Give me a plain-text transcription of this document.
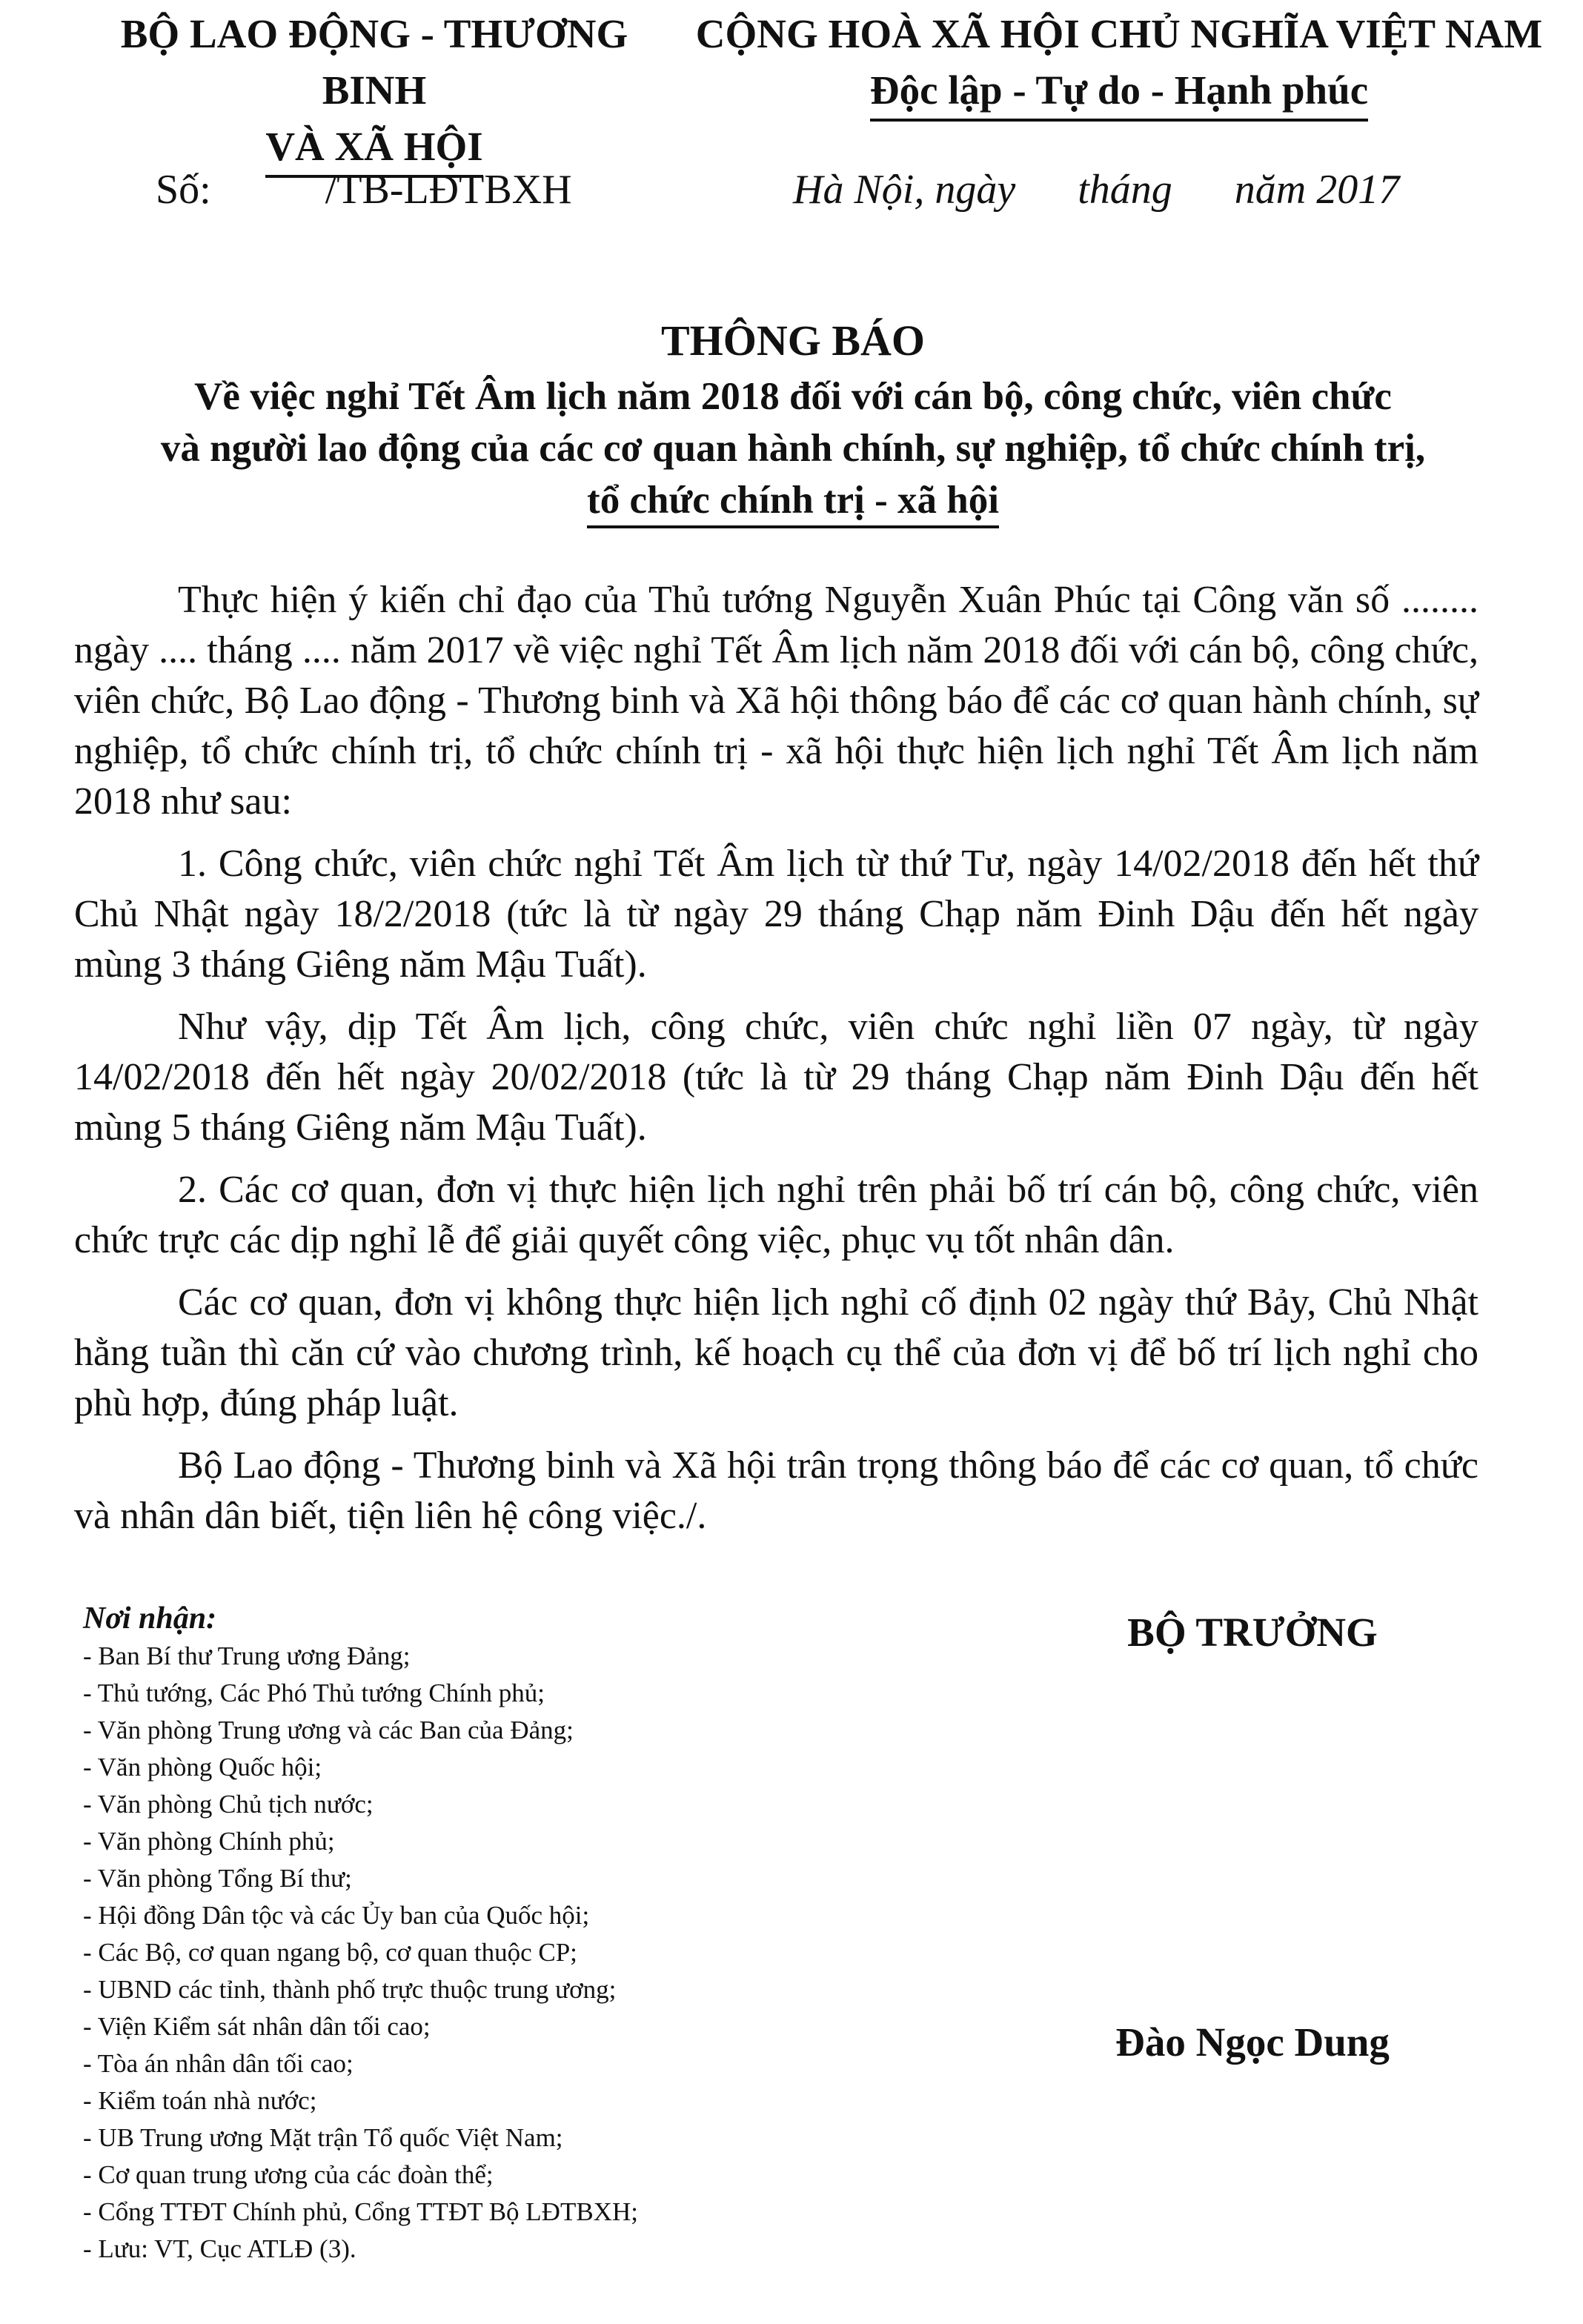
BỘ LAO ĐỘNG - THƯƠNG BINH
VÀ XÃ HỘI
CỘNG HOÀ XÃ HỘI CHỦ NGHĨA VIỆT NAM
Độc lập - Tự do - Hạnh phúc
Số:           /TB-LĐTBXH	Hà Nội, ngày      tháng      năm 2017
THÔNG BÁO
Về việc nghỉ Tết Âm lịch năm 2018 đối với cán bộ, công chức, viên chức
và người lao động của các cơ quan hành chính, sự nghiệp, tổ chức chính trị,
tổ chức chính trị - xã hội

Thực hiện ý kiến chỉ đạo của Thủ tướng Nguyễn Xuân Phúc tại Công văn số ........ ngày .... tháng .... năm 2017 về việc nghỉ Tết Âm lịch năm 2018 đối với cán bộ, công chức, viên chức, Bộ Lao động - Thương binh và Xã hội thông báo để các cơ quan hành chính, sự nghiệp, tổ chức chính trị, tổ chức chính trị - xã hội thực hiện lịch nghỉ Tết Âm lịch năm 2018 như sau:

1. Công chức, viên chức nghỉ Tết Âm lịch từ thứ Tư, ngày 14/02/2018 đến hết thứ Chủ Nhật ngày 18/2/2018 (tức là từ ngày 29 tháng Chạp năm Đinh Dậu đến hết ngày mùng 3 tháng Giêng năm Mậu Tuất).

Như vậy, dịp Tết Âm lịch, công chức, viên chức nghỉ liền 07 ngày, từ ngày 14/02/2018 đến hết ngày 20/02/2018 (tức là từ 29 tháng Chạp năm Đinh Dậu đến hết mùng 5 tháng Giêng năm Mậu Tuất).

2. Các cơ quan, đơn vị thực hiện lịch nghỉ trên phải bố trí cán bộ, công chức, viên chức trực các dịp nghỉ lễ để giải quyết công việc, phục vụ tốt nhân dân.

Các cơ quan, đơn vị không thực hiện lịch nghỉ cố định 02 ngày thứ Bảy, Chủ Nhật hằng tuần thì căn cứ vào chương trình, kế hoạch cụ thể của đơn vị để bố trí lịch nghỉ cho phù hợp, đúng pháp luật.

Bộ Lao động - Thương binh và Xã hội trân trọng thông báo để các cơ quan, tổ chức và nhân dân biết, tiện liên hệ công việc./.

Nơi nhận:
- Ban Bí thư Trung ương Đảng;
- Thủ tướng, Các Phó Thủ tướng Chính phủ;
- Văn phòng Trung ương và các Ban của Đảng;
- Văn phòng Quốc hội;
- Văn phòng Chủ tịch nước;
- Văn phòng Chính phủ;
- Văn phòng Tổng Bí thư;
- Hội đồng Dân tộc và các Ủy ban của Quốc hội;
- Các Bộ, cơ quan ngang bộ, cơ quan thuộc CP;
- UBND các tỉnh, thành phố trực thuộc trung ương;
- Viện Kiểm sát nhân dân tối cao;
- Tòa án nhân dân tối cao;
- Kiểm toán nhà nước;
- UB Trung ương Mặt trận Tổ quốc Việt Nam;
- Cơ quan trung ương của các đoàn thể;
- Cổng TTĐT Chính phủ, Cổng TTĐT Bộ LĐTBXH;
- Lưu: VT, Cục ATLĐ (3).
BỘ TRƯỞNG
Đào Ngọc Dung
